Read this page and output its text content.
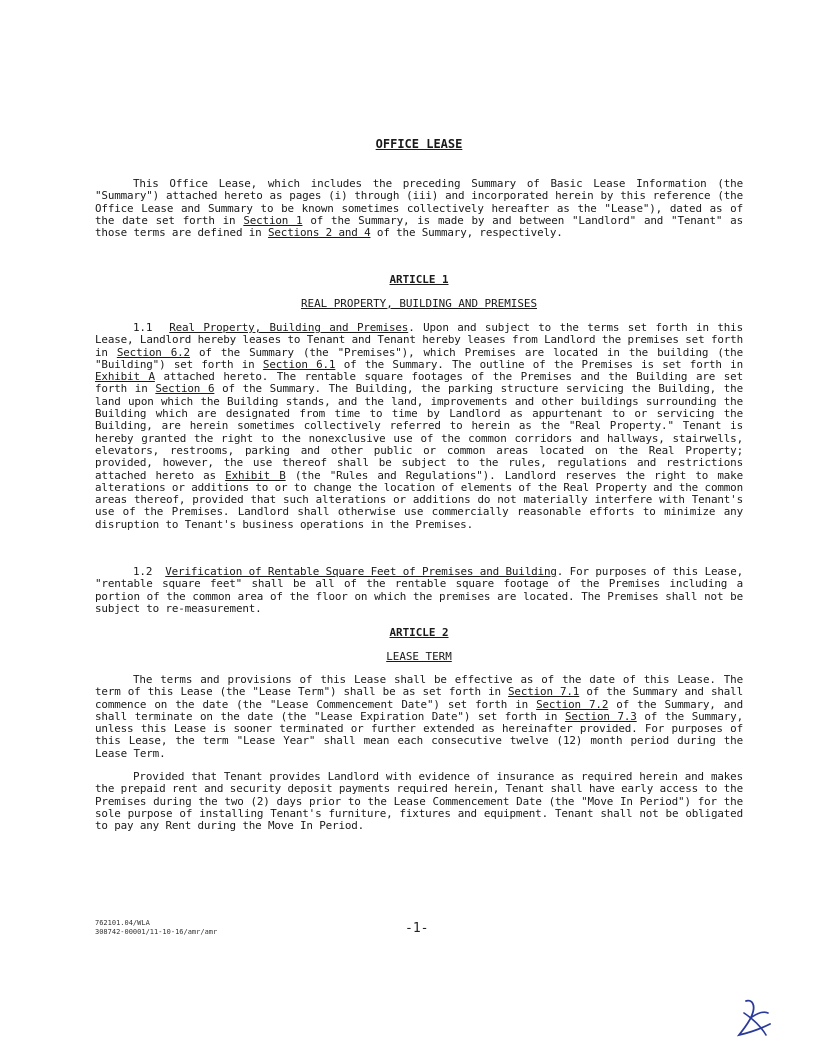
OFFICE LEASE
This Office Lease, which includes the preceding Summary of Basic Lease Information (the "Summary") attached hereto as pages (i) through (iii) and incorporated herein by this reference (the Office Lease and Summary to be known sometimes collectively hereafter as the "Lease"), dated as of the date set forth in Section 1 of the Summary, is made by and between "Landlord" and "Tenant" as those terms are defined in Sections 2 and 4 of the Summary, respectively.
ARTICLE 1
REAL PROPERTY, BUILDING AND PREMISES
1.1 Real Property, Building and Premises. Upon and subject to the terms set forth in this Lease, Landlord hereby leases to Tenant and Tenant hereby leases from Landlord the premises set forth in Section 6.2 of the Summary (the "Premises"), which Premises are located in the building (the "Building") set forth in Section 6.1 of the Summary. The outline of the Premises is set forth in Exhibit A attached hereto. The rentable square footages of the Premises and the Building are set forth in Section 6 of the Summary. The Building, the parking structure servicing the Building, the land upon which the Building stands, and the land, improvements and other buildings surrounding the Building which are designated from time to time by Landlord as appurtenant to or servicing the Building, are herein sometimes collectively referred to herein as the "Real Property." Tenant is hereby granted the right to the nonexclusive use of the common corridors and hallways, stairwells, elevators, restrooms, parking and other public or common areas located on the Real Property; provided, however, the use thereof shall be subject to the rules, regulations and restrictions attached hereto as Exhibit B (the "Rules and Regulations"). Landlord reserves the right to make alterations or additions to or to change the location of elements of the Real Property and the common areas thereof, provided that such alterations or additions do not materially interfere with Tenant's use of the Premises. Landlord shall otherwise use commercially reasonable efforts to minimize any disruption to Tenant's business operations in the Premises.
1.2 Verification of Rentable Square Feet of Premises and Building. For purposes of this Lease, "rentable square feet" shall be all of the rentable square footage of the Premises including a portion of the common area of the floor on which the premises are located. The Premises shall not be subject to re-measurement.
ARTICLE 2
LEASE TERM
The terms and provisions of this Lease shall be effective as of the date of this Lease. The term of this Lease (the "Lease Term") shall be as set forth in Section 7.1 of the Summary and shall commence on the date (the "Lease Commencement Date") set forth in Section 7.2 of the Summary, and shall terminate on the date (the "Lease Expiration Date") set forth in Section 7.3 of the Summary, unless this Lease is sooner terminated or further extended as hereinafter provided. For purposes of this Lease, the term "Lease Year" shall mean each consecutive twelve (12) month period during the Lease Term.
Provided that Tenant provides Landlord with evidence of insurance as required herein and makes the prepaid rent and security deposit payments required herein, Tenant shall have early access to the Premises during the two (2) days prior to the Lease Commencement Date (the "Move In Period") for the sole purpose of installing Tenant's furniture, fixtures and equipment. Tenant shall not be obligated to pay any Rent during the Move In Period.
762101.04/WLA
308742-00001/11-10-16/amr/amr	-1-
